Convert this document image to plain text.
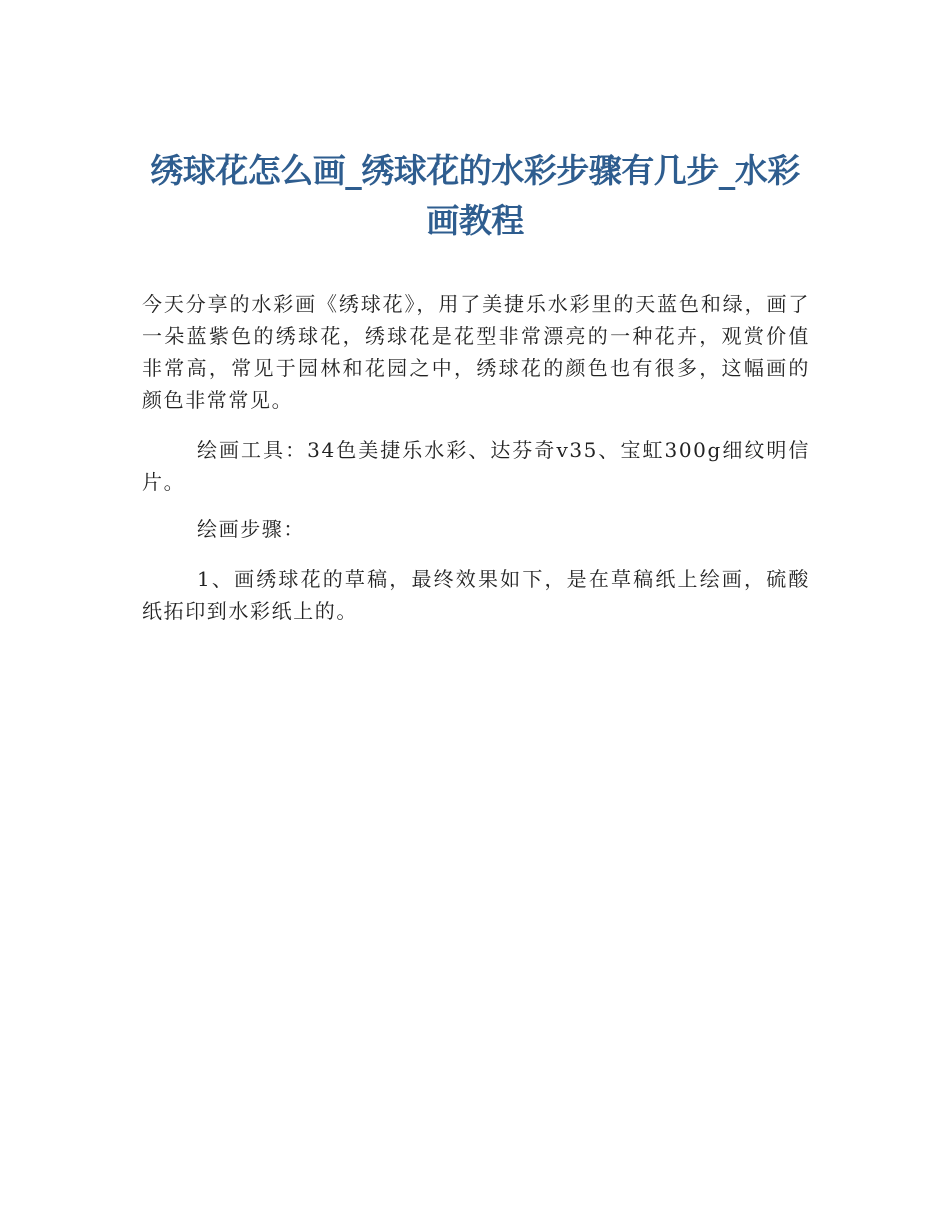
绣球花怎么画_绣球花的水彩步骤有几步_水彩画教程

今天分享的水彩画《绣球花》，用了美捷乐水彩里的天蓝色和绿，画了一朵蓝紫色的绣球花，绣球花是花型非常漂亮的一种花卉，观赏价值非常高，常见于园林和花园之中，绣球花的颜色也有很多，这幅画的颜色非常常见。

绘画工具：34色美捷乐水彩、达芬奇v35、宝虹300g细纹明信片。

绘画步骤：

1、画绣球花的草稿，最终效果如下，是在草稿纸上绘画，硫酸纸拓印到水彩纸上的。
